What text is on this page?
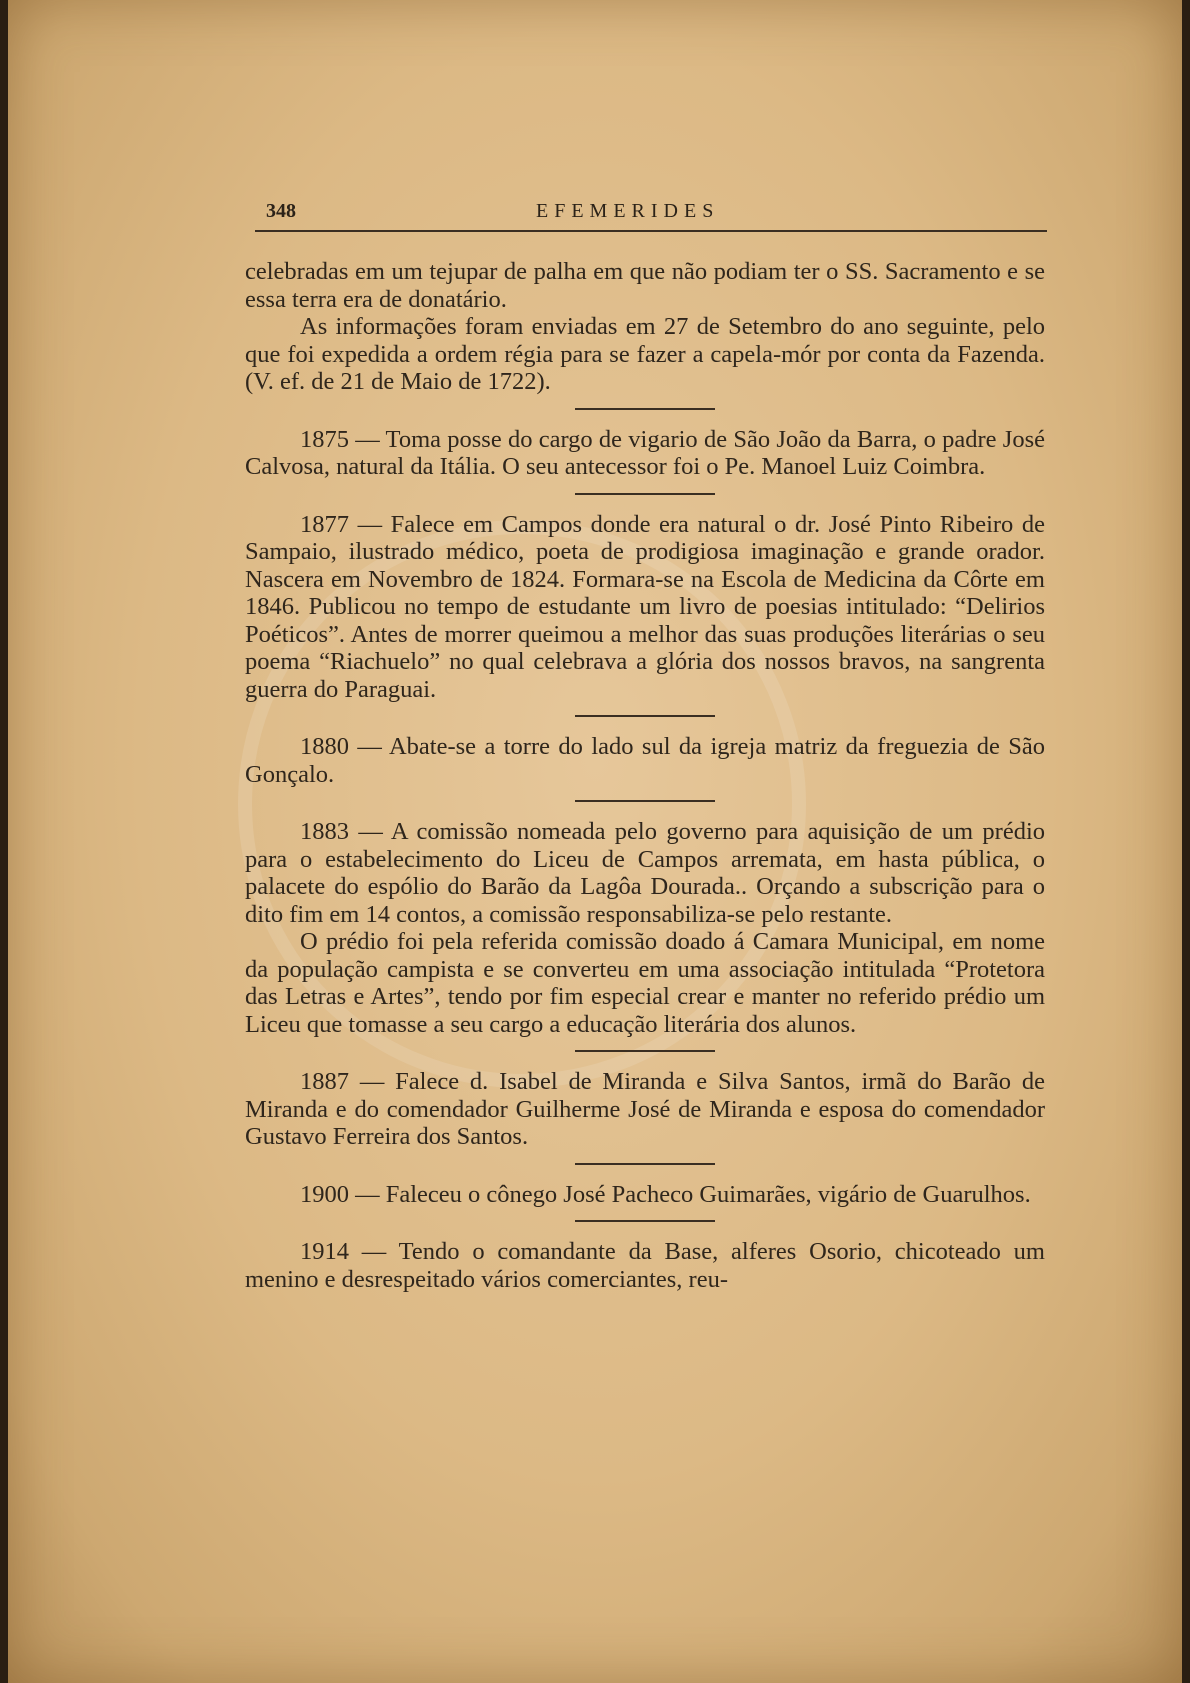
348	EFEMERIDES

celebradas em um tejupar de palha em que não podiam ter o SS. Sacramento e se essa terra era de donatário.

As informações foram enviadas em 27 de Setembro do ano seguinte, pelo que foi expedida a ordem régia para se fazer a capela-mór por conta da Fazenda. (V. ef. de 21 de Maio de 1722).

1875 — Toma posse do cargo de vigario de São João da Barra, o padre José Calvosa, natural da Itália. O seu antecessor foi o Pe. Manoel Luiz Coimbra.

1877 — Falece em Campos donde era natural o dr. José Pinto Ribeiro de Sampaio, ilustrado médico, poeta de prodigiosa imaginação e grande orador. Nascera em Novembro de 1824. Formara-se na Escola de Medicina da Côrte em 1846. Publicou no tempo de estudante um livro de poesias intitulado: “Delirios Poéticos”. Antes de morrer queimou a melhor das suas produções literárias o seu poema “Riachuelo” no qual celebrava a glória dos nossos bravos, na sangrenta guerra do Paraguai.

1880 — Abate-se a torre do lado sul da igreja matriz da freguezia de São Gonçalo.

1883 — A comissão nomeada pelo governo para aquisição de um prédio para o estabelecimento do Liceu de Campos arremata, em hasta pública, o palacete do espólio do Barão da Lagôa Dourada.. Orçando a subscrição para o dito fim em 14 contos, a comissão responsabiliza-se pelo restante.

O prédio foi pela referida comissão doado á Camara Municipal, em nome da população campista e se converteu em uma associação intitulada “Protetora das Letras e Artes”, tendo por fim especial crear e manter no referido prédio um Liceu que tomasse a seu cargo a educação literária dos alunos.

1887 — Falece d. Isabel de Miranda e Silva Santos, irmã do Barão de Miranda e do comendador Guilherme José de Miranda e esposa do comendador Gustavo Ferreira dos Santos.

1900 — Faleceu o cônego José Pacheco Guimarães, vigário de Guarulhos.

1914 — Tendo o comandante da Base, alferes Osorio, chicoteado um menino e desrespeitado vários comerciantes, reu-
